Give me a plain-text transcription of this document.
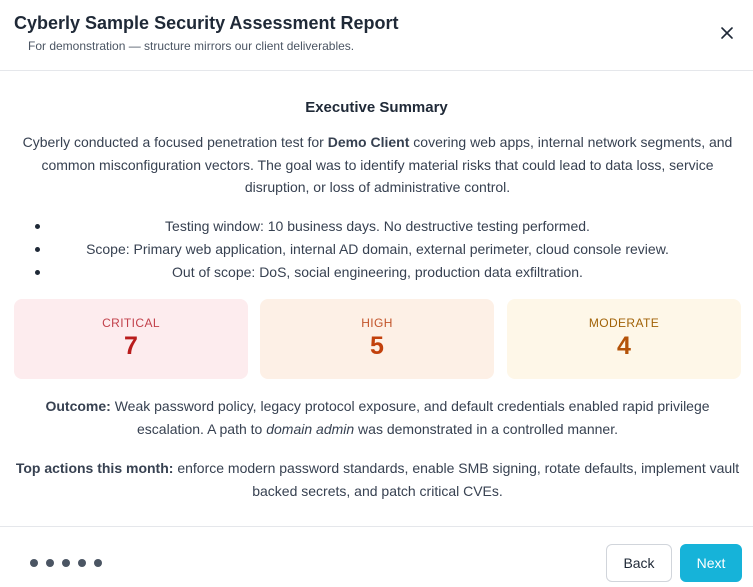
Cyberly Sample Security Assessment Report
For demonstration — structure mirrors our client deliverables.
Executive Summary

Cyberly conducted a focused penetration test for Demo Client covering web apps, internal network segments, and common misconfiguration vectors. The goal was to identify material risks that could lead to data loss, service disruption, or loss of administrative control.

Testing window: 10 business days. No destructive testing performed.
Scope: Primary web application, internal AD domain, external perimeter, cloud console review.
Out of scope: DoS, social engineering, production data exfiltration.
CRITICAL
7
HIGH
5
MODERATE
4

Outcome: Weak password policy, legacy protocol exposure, and default credentials enabled rapid privilege escalation. A path to domain admin was demonstrated in a controlled manner.

Top actions this month: enforce modern password standards, enable SMB signing, rotate defaults, implement vault backed secrets, and patch critical CVEs.

Back	Next
